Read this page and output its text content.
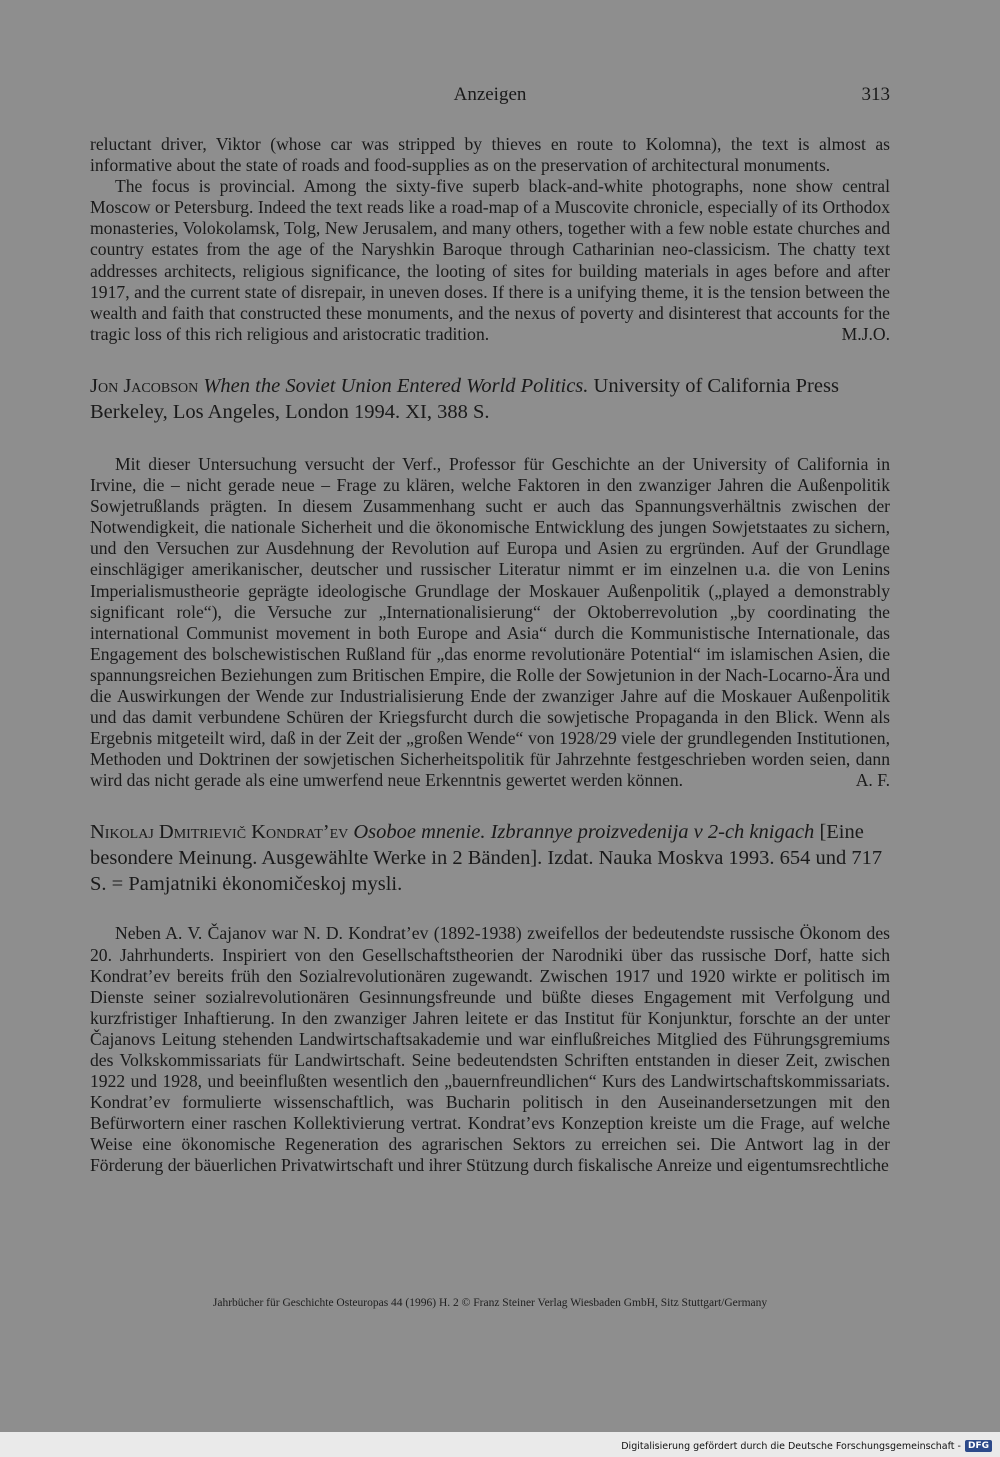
Anzeigen	313

reluctant driver, Viktor (whose car was stripped by thieves en route to Kolomna), the text is almost as informative about the state of roads and food-supplies as on the preservation of architectural monuments.

The focus is provincial. Among the sixty-five superb black-and-white photographs, none show central Moscow or Petersburg. Indeed the text reads like a road-map of a Muscovite chronicle, especially of its Orthodox monasteries, Volokolamsk, Tolg, New Jerusalem, and many others, together with a few noble estate churches and country estates from the age of the Naryshkin Baroque through Catharinian neo-classicism. The chatty text addresses architects, religious significance, the looting of sites for building materials in ages before and after 1917, and the current state of disrepair, in uneven doses. If there is a unifying theme, it is the tension between the wealth and faith that constructed these monuments, and the nexus of poverty and disinterest that accounts for the tragic loss of this rich religious and aristocratic tradition.	M.J.O.

Jon Jacobson When the Soviet Union Entered World Politics. University of California Press Berkeley, Los Angeles, London 1994. XI, 388 S.

Mit dieser Untersuchung versucht der Verf., Professor für Geschichte an der University of California in Irvine, die – nicht gerade neue – Frage zu klären, welche Faktoren in den zwanziger Jahren die Außenpolitik Sowjetrußlands prägten. In diesem Zusammenhang sucht er auch das Spannungsverhältnis zwischen der Notwendigkeit, die nationale Sicherheit und die ökonomische Entwicklung des jungen Sowjetstaates zu sichern, und den Versuchen zur Ausdehnung der Revolution auf Europa und Asien zu ergründen. Auf der Grundlage einschlägiger amerikanischer, deutscher und russischer Literatur nimmt er im einzelnen u.a. die von Lenins Imperialismustheorie geprägte ideologische Grundlage der Moskauer Außenpolitik („played a demonstrably significant role“), die Versuche zur „Internationalisierung“ der Oktoberrevolution „by coordinating the international Communist movement in both Europe and Asia“ durch die Kommunistische Internationale, das Engagement des bolschewistischen Rußland für „das enorme revolutionäre Potential“ im islamischen Asien, die spannungsreichen Beziehungen zum Britischen Empire, die Rolle der Sowjetunion in der Nach-Locarno-Ära und die Auswirkungen der Wende zur Industrialisierung Ende der zwanziger Jahre auf die Moskauer Außenpolitik und das damit verbundene Schüren der Kriegsfurcht durch die sowjetische Propaganda in den Blick. Wenn als Ergebnis mitgeteilt wird, daß in der Zeit der „großen Wende“ von 1928/29 viele der grundlegenden Institutionen, Methoden und Doktrinen der sowjetischen Sicherheitspolitik für Jahrzehnte festgeschrieben worden seien, dann wird das nicht gerade als eine umwerfend neue Erkenntnis gewertet werden können.	A. F.

Nikolaj Dmitrievič Kondrat’ev Osoboe mnenie. Izbrannye proizvedenija v 2-ch knigach [Eine besondere Meinung. Ausgewählte Werke in 2 Bänden]. Izdat. Nauka Moskva 1993. 654 und 717 S. = Pamjatniki ėkonomičeskoj mysli.

Neben A. V. Čajanov war N. D. Kondrat’ev (1892-1938) zweifellos der bedeutendste russische Ökonom des 20. Jahrhunderts. Inspiriert von den Gesellschaftstheorien der Narodniki über das russische Dorf, hatte sich Kondrat’ev bereits früh den Sozialrevolutionären zugewandt. Zwischen 1917 und 1920 wirkte er politisch im Dienste seiner sozialrevolutionären Gesinnungsfreunde und büßte dieses Engagement mit Verfolgung und kurzfristiger Inhaftierung. In den zwanziger Jahren leitete er das Institut für Konjunktur, forschte an der unter Čajanovs Leitung stehenden Landwirtschaftsakademie und war einflußreiches Mitglied des Führungsgremiums des Volkskommissariats für Landwirtschaft. Seine bedeutendsten Schriften entstanden in dieser Zeit, zwischen 1922 und 1928, und beeinflußten wesentlich den „bauernfreundlichen“ Kurs des Landwirtschaftskommissariats. Kondrat’ev formulierte wissenschaftlich, was Bucharin politisch in den Auseinandersetzungen mit den Befürwortern einer raschen Kollektivierung vertrat. Kondrat’evs Konzeption kreiste um die Frage, auf welche Weise eine ökonomische Regeneration des agrarischen Sektors zu erreichen sei. Die Antwort lag in der Förderung der bäuerlichen Privatwirtschaft und ihrer Stützung durch fiskalische Anreize und eigentumsrechtliche

Jahrbücher für Geschichte Osteuropas 44 (1996) H. 2 © Franz Steiner Verlag Wiesbaden GmbH, Sitz Stuttgart/Germany
Digitalisierung gefördert durch die Deutsche Forschungsgemeinschaft - DFG
